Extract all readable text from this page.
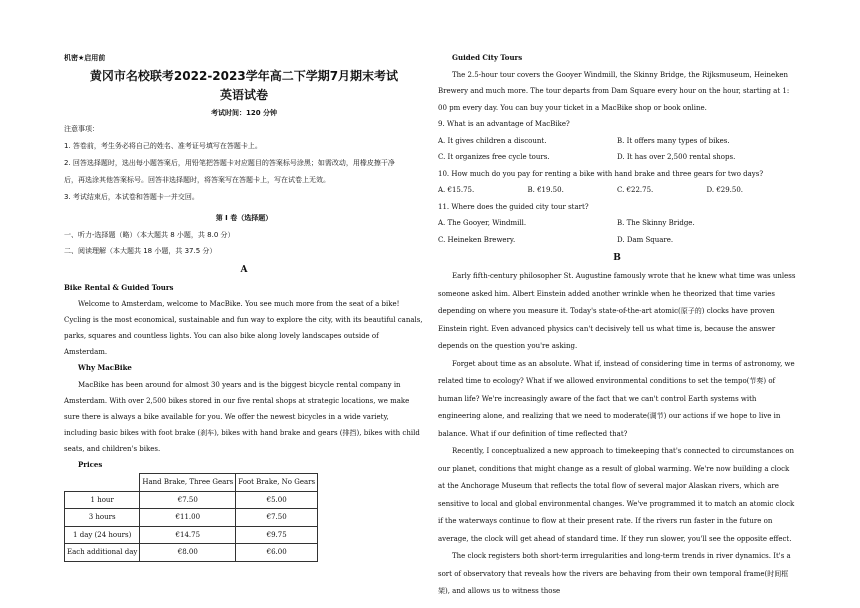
机密★启用前

黄冈市名校联考2022-2023学年高二下学期7月期末考试

英语试卷

考试时间：120 分钟

注意事项：

1. 答卷前，考生务必将自己的姓名、准考证号填写在答题卡上。

2. 回答选择题时，选出每小题答案后，用铅笔把答题卡对应题目的答案标号涂黑；如需改动，用橡皮擦干净

后，再选涂其他答案标号。回答非选择题时，将答案写在答题卡上，写在试卷上无效。

3. 考试结束后，本试卷和答题卡一并交回。

第 I 卷（选择题）

一、听力-选择题（略）（本大题共 8 小题，共 8.0 分）

二、阅读理解（本大题共 18 小题，共 37.5 分）

A

Bike Rental & Guided Tours

Welcome to Amsterdam, welcome to MacBike. You see much more from the seat of a bike! Cycling is the most economical, sustainable and fun way to explore the city, with its beautiful canals, parks, squares and countless lights. You can also bike along lovely landscapes outside of Amsterdam.

Why MacBike

MacBike has been around for almost 30 years and is the biggest bicycle rental company in Amsterdam. With over 2,500 bikes stored in our five rental shops at strategic locations, we make sure there is always a bike available for you. We offer the newest bicycles in a wide variety, including basic bikes with foot brake (刹车), bikes with hand brake and gears (排挡), bikes with child seats, and children's bikes.

Prices

	Hand Brake, Three Gears	Foot Brake, No Gears
1 hour	€7.50	€5.00
3 hours	€11.00	€7.50
1 day (24 hours)	€14.75	€9.75
Each additional day	€8.00	€6.00

Guided City Tours

The 2.5-hour tour covers the Gooyer Windmill, the Skinny Bridge, the Rijksmuseum, Heineken Brewery and much more. The tour departs from Dam Square every hour on the hour, starting at 1: 00 pm every day. You can buy your ticket in a MacBike shop or book online.

9. What is an advantage of MacBike?

A. It gives children a discount.	B. It offers many types of bikes.
C. It organizes free cycle tours.	D. It has over 2,500 rental shops.

10. How much do you pay for renting a bike with hand brake and three gears for two days?

A. €15.75.	B. €19.50.	C. €22.75.	D. €29.50.

11. Where does the guided city tour start?

A. The Gooyer, Windmill.	B. The Skinny Bridge.
C. Heineken Brewery.	D. Dam Square.

B

Early fifth-century philosopher St. Augustine famously wrote that he knew what time was unless someone asked him. Albert Einstein added another wrinkle when he theorized that time varies depending on where you measure it. Today's state-of-the-art atomic(原子的) clocks have proven Einstein right. Even advanced physics can't decisively tell us what time is, because the answer depends on the question you're asking.

Forget about time as an absolute. What if, instead of considering time in terms of astronomy, we related time to ecology? What if we allowed environmental conditions to set the tempo(节奏) of human life? We're increasingly aware of the fact that we can't control Earth systems with engineering alone, and realizing that we need to moderate(调节) our actions if we hope to live in balance. What if our definition of time reflected that?

Recently, I conceptualized a new approach to timekeeping that's connected to circumstances on our planet, conditions that might change as a result of global warming. We're now building a clock at the Anchorage Museum that reflects the total flow of several major Alaskan rivers, which are sensitive to local and global environmental changes. We've programmed it to match an atomic clock if the waterways continue to flow at their present rate. If the rivers run faster in the future on average, the clock will get ahead of standard time. If they run slower, you'll see the opposite effect.

The clock registers both short-term irregularities and long-term trends in river dynamics. It's a sort of observatory that reveals how the rivers are behaving from their own temporal frame(时间框架), and allows us to witness those
